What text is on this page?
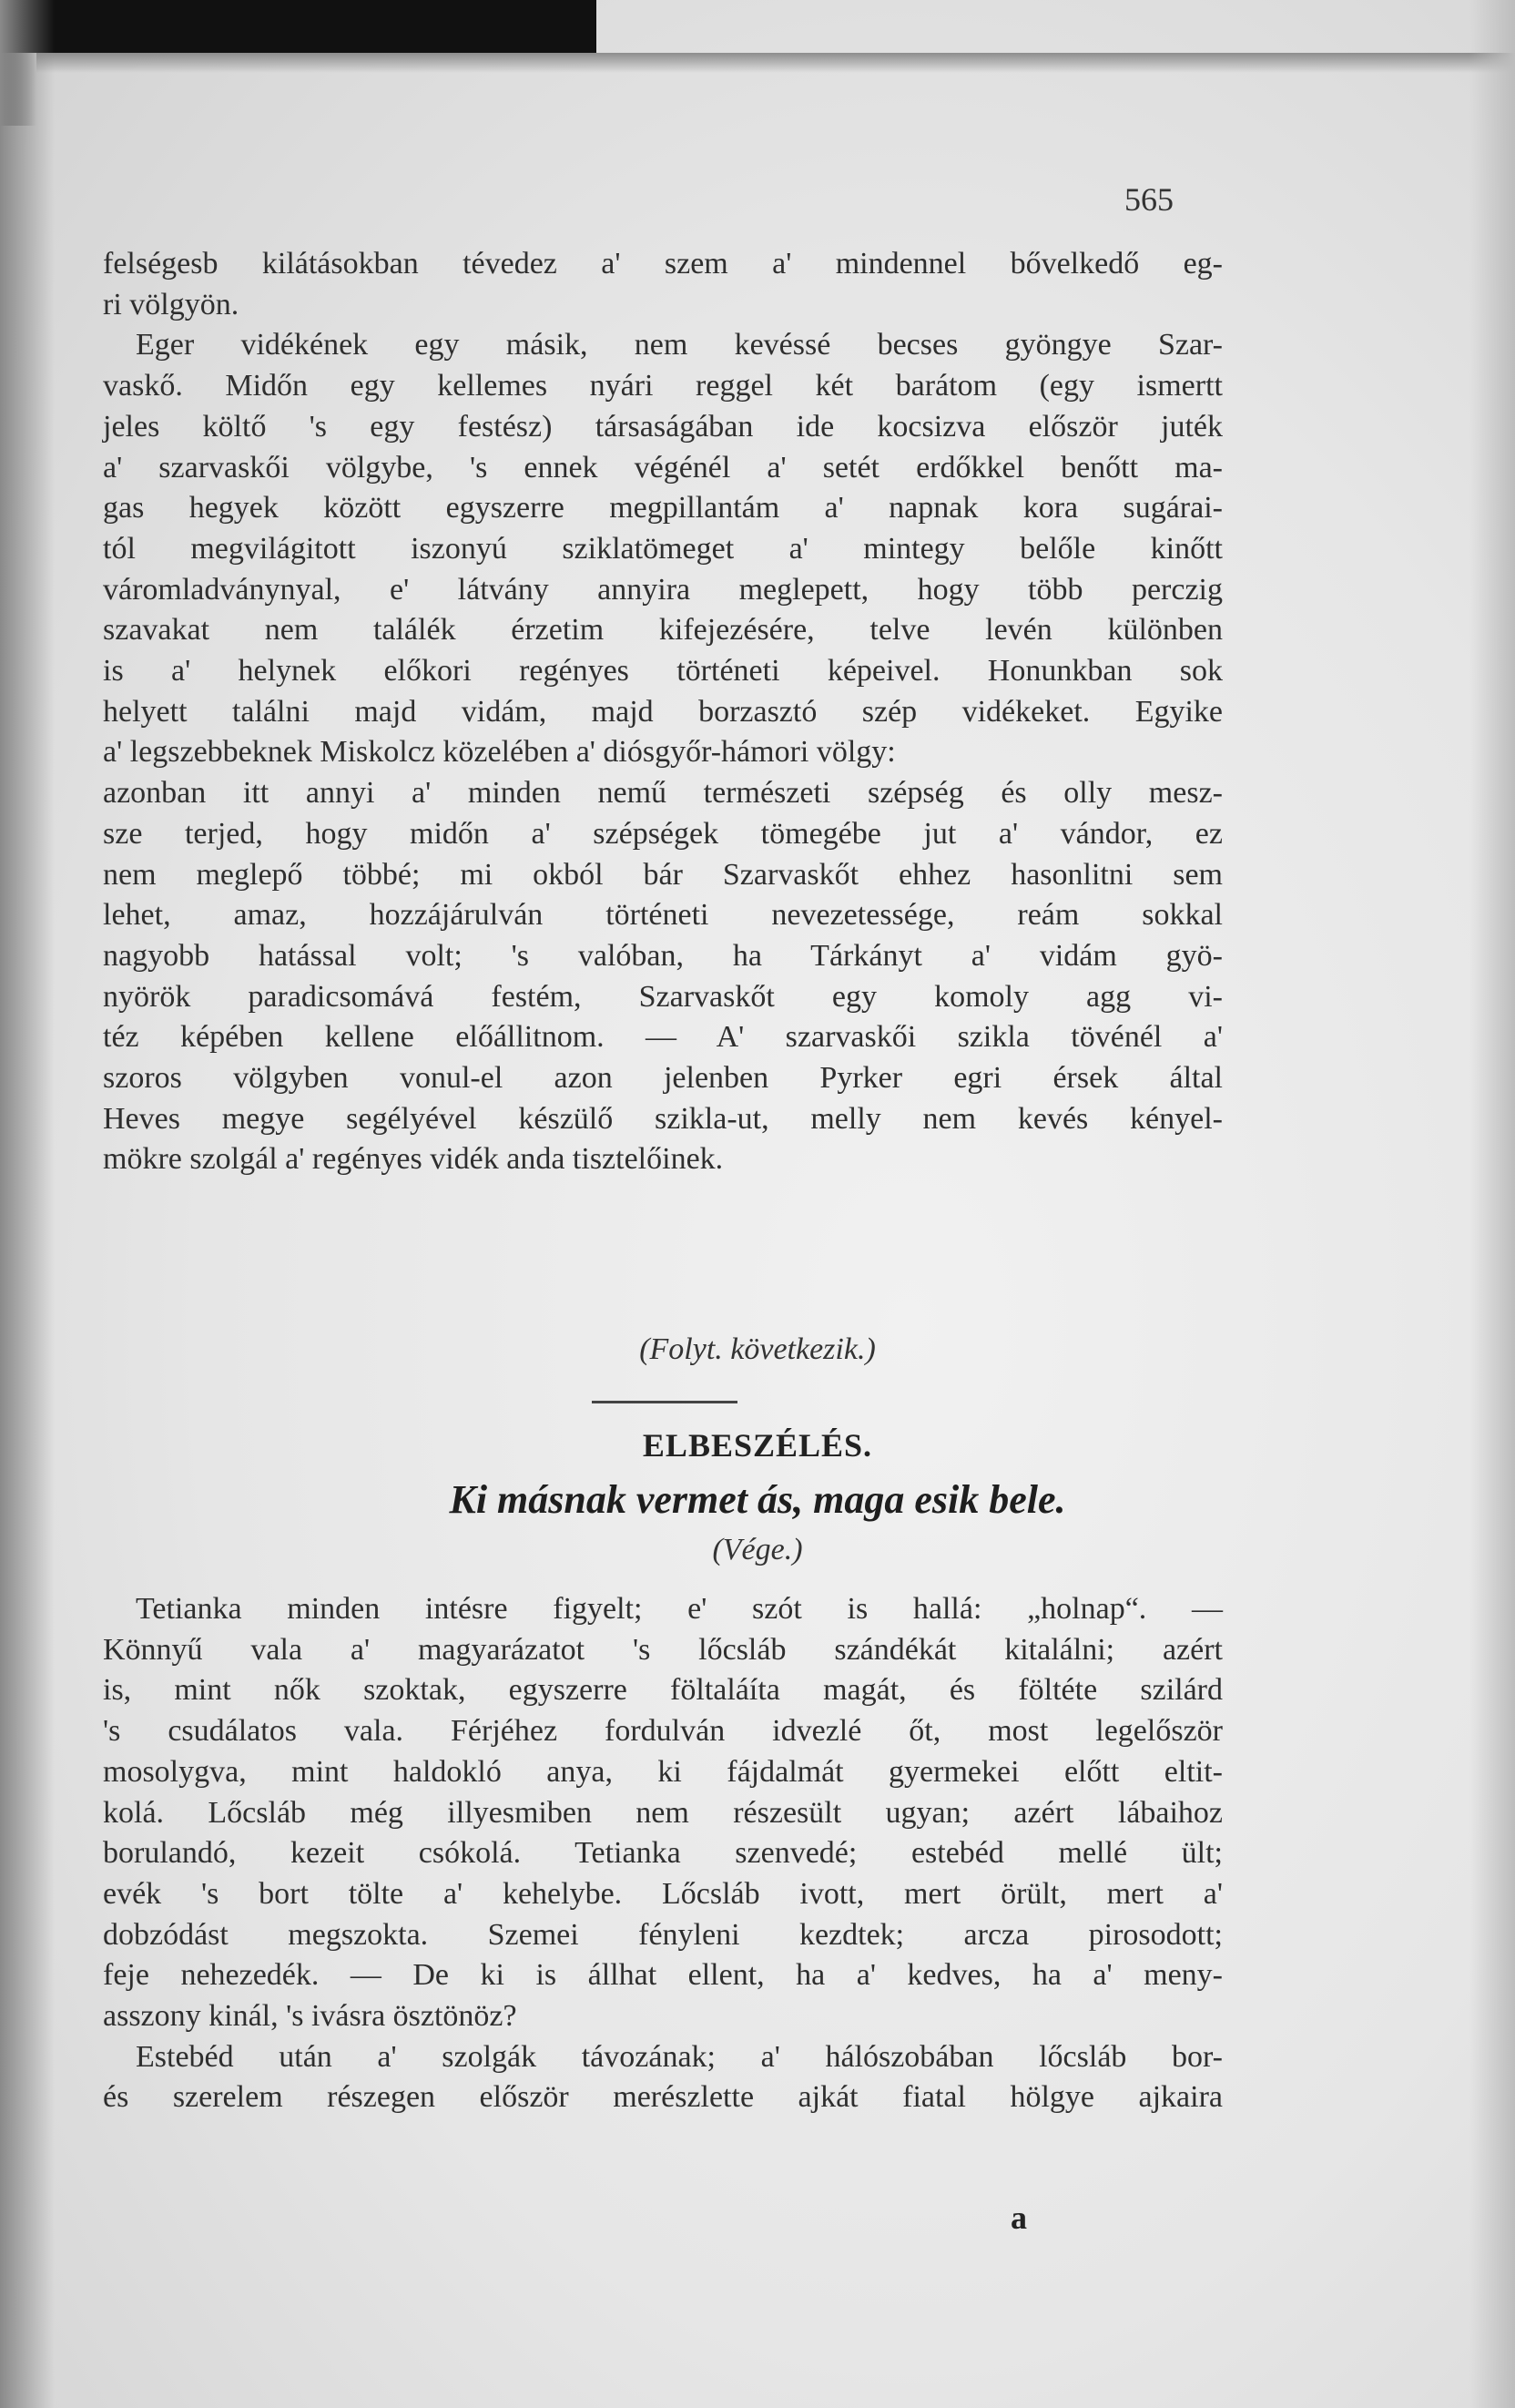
565
felségesb kilátásokban tévedez a' szem a' mindennel bővelkedő eg-
ri völgyön.
Eger vidékének egy másik, nem kevéssé becses gyöngye Szar-
vaskő. Midőn egy kellemes nyári reggel két barátom (egy ismertt
jeles költő 's egy festész) társaságában ide kocsizva először juték
a' szarvaskői völgybe, 's ennek végénél a' setét erdőkkel benőtt ma-
gas hegyek között egyszerre megpillantám a' napnak kora sugárai-
tól megvilágitott iszonyú sziklatömeget a' mintegy belőle kinőtt
váromladványnyal, e' látvány annyira meglepett, hogy több perczig
szavakat nem találék érzetim kifejezésére, telve levén különben
is a' helynek előkori regényes történeti képeivel. Honunkban sok
helyett találni majd vidám, majd borzasztó szép vidékeket. Egyike
a' legszebbeknek Miskolcz közelében a' diósgyőr-hámori völgy:
azonban itt annyi a' minden nemű természeti szépség és olly mesz-
sze terjed, hogy midőn a' szépségek tömegébe jut a' vándor, ez
nem meglepő többé; mi okból bár Szarvaskőt ehhez hasonlitni sem
lehet, amaz, hozzájárulván történeti nevezetessége, reám sokkal
nagyobb hatással volt; 's valóban, ha Tárkányt a' vidám gyö-
nyörök paradicsomává festém, Szarvaskőt egy komoly agg vi-
téz képében kellene előállitnom. — A' szarvaskői szikla tövénél a'
szoros völgyben vonul-el azon jelenben Pyrker egri érsek által
Heves megye segélyével készülő szikla-ut, melly nem kevés kényel-
mökre szolgál a' regényes vidék anda tisztelőinek.
(Folyt. következik.)
ELBESZÉLÉS.
Ki másnak vermet ás, maga esik bele.
(Vége.)
Tetianka minden intésre figyelt; e' szót is hallá: „holnap“. —
Könnyű vala a' magyarázatot 's lőcsláb szándékát kitalálni; azért
is, mint nők szoktak, egyszerre föltaláíta magát, és föltéte szilárd
's csudálatos vala. Férjéhez fordulván idvezlé őt, most legelőször
mosolygva, mint haldokló anya, ki fájdalmát gyermekei előtt eltit-
kolá. Lőcsláb még illyesmiben nem részesült ugyan; azért lábaihoz
borulandó, kezeit csókolá. Tetianka szenvedé; estebéd mellé ült;
evék 's bort tölte a' kehelybe. Lőcsláb ivott, mert örült, mert a'
dobzódást megszokta. Szemei fényleni kezdtek; arcza pirosodott;
feje nehezedék. — De ki is állhat ellent, ha a' kedves, ha a' meny-
asszony kinál, 's ivásra ösztönöz?
Estebéd után a' szolgák távozának; a' hálószobában lőcsláb bor-
és szerelem részegen először merészlette ajkát fiatal hölgye ajkaira
a
